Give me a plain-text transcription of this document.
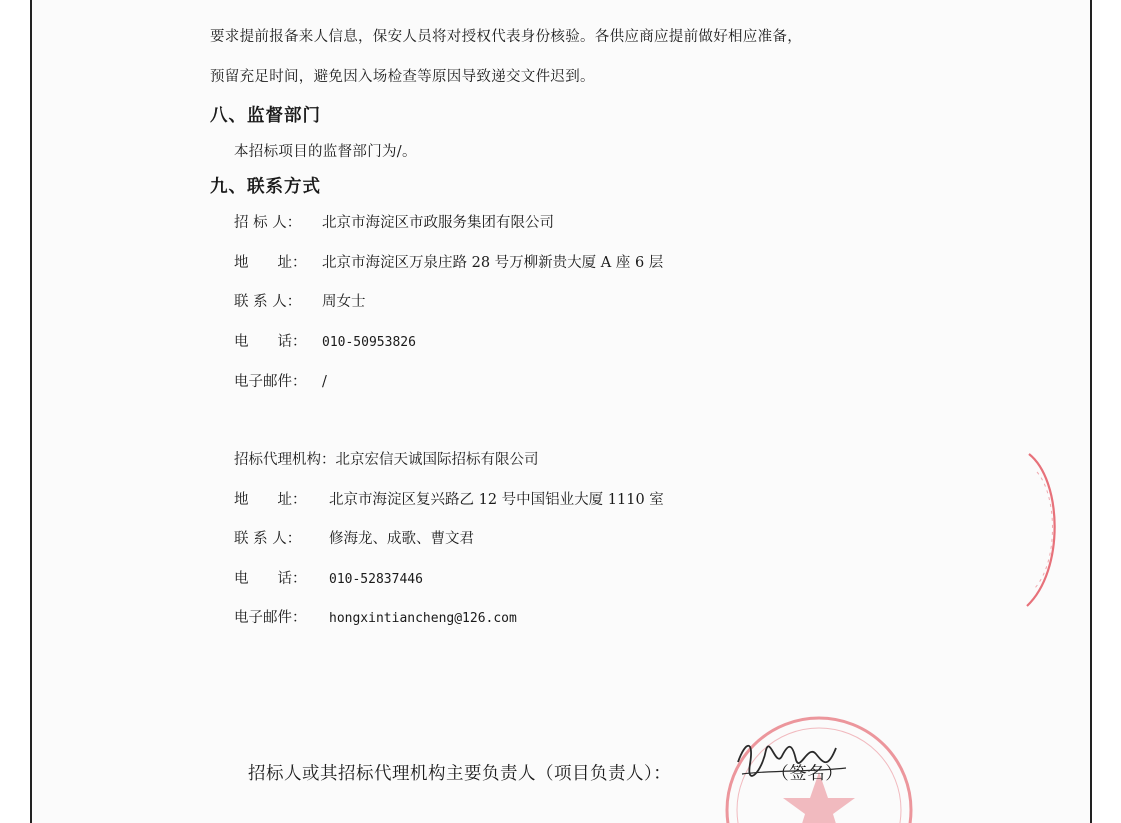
要求提前报备来人信息，保安人员将对授权代表身份核验。各供应商应提前做好相应准备，
预留充足时间，避免因入场检查等原因导致递交文件迟到。
八、监督部门
本招标项目的监督部门为/。
九、联系方式
招 标 人： 北京市海淀区市政服务集团有限公司
地　　址： 北京市海淀区万泉庄路 28 号万柳新贵大厦 A 座 6 层
联 系 人： 周女士
电　　话： 010-50953826
电子邮件： /
招标代理机构：北京宏信天诚国际招标有限公司
地　　址： 北京市海淀区复兴路乙 12 号中国铝业大厦 1110 室
联 系 人： 修海龙、成歌、曹文君
电　　话： 010-52837446
电子邮件： hongxintiancheng@126.com
招标人或其招标代理机构主要负责人（项目负责人）：	（签名）
